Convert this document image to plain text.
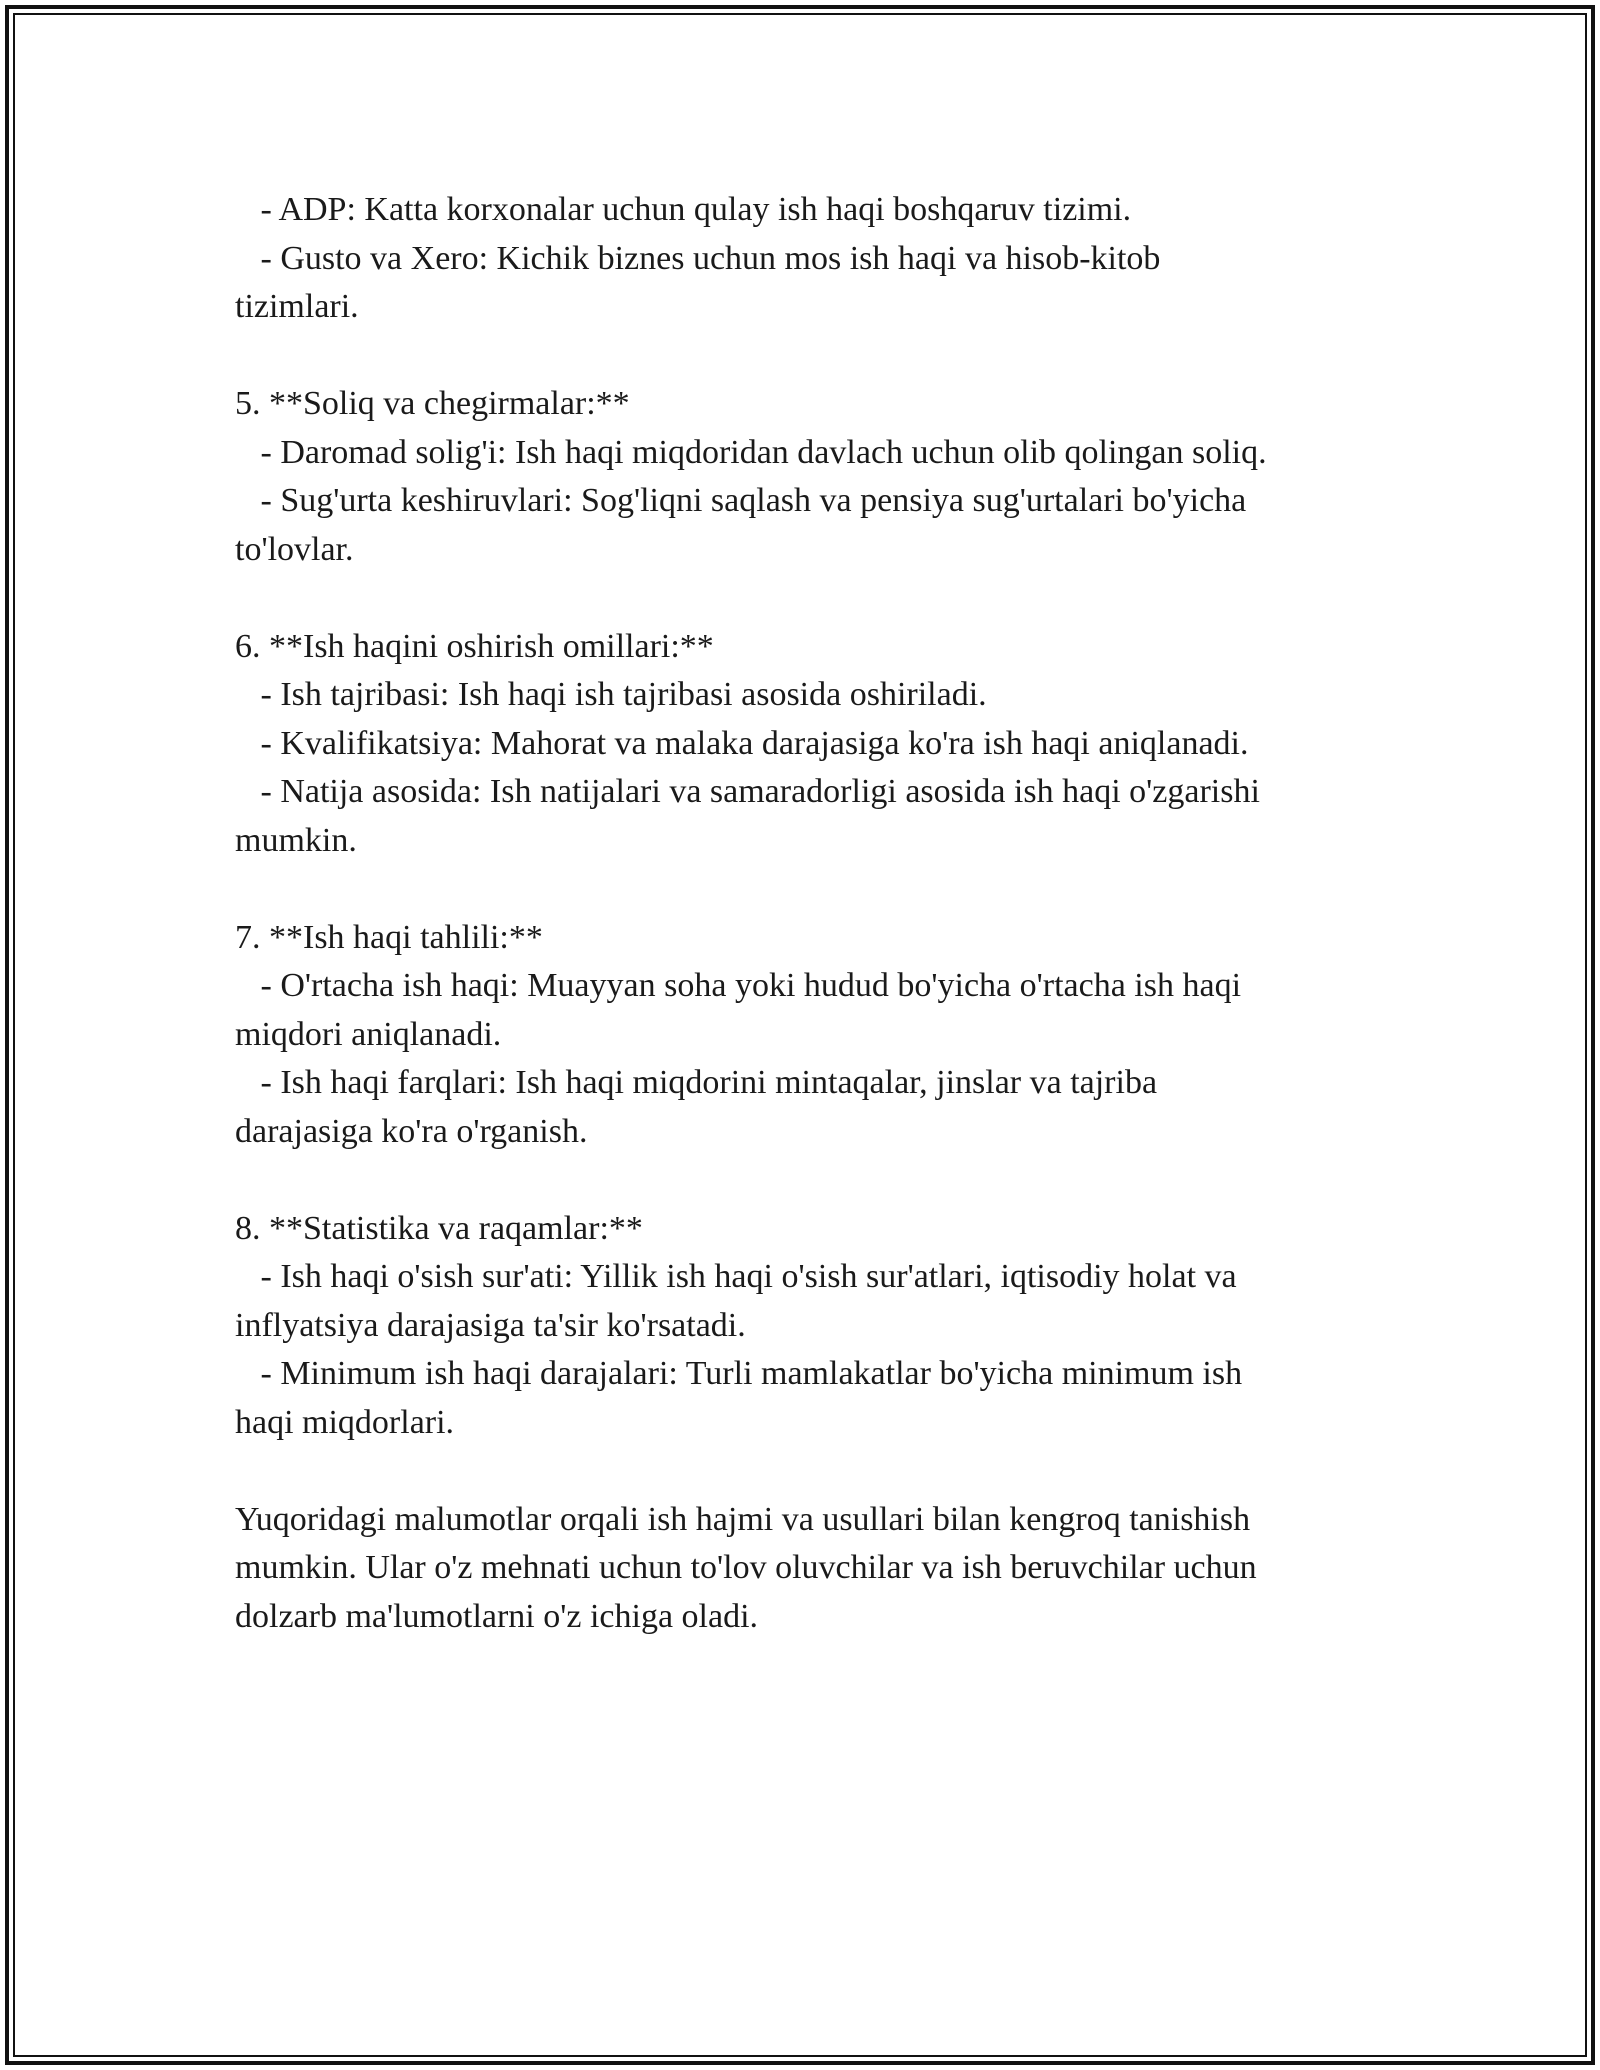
- ADP: Katta korxonalar uchun qulay ish haqi boshqaruv tizimi.

- Gusto va Xero: Kichik biznes uchun mos ish haqi va hisob-kitob

tizimlari.

5. **Soliq va chegirmalar:**

- Daromad solig'i: Ish haqi miqdoridan davlach uchun olib qolingan soliq.

- Sug'urta keshiruvlari: Sog'liqni saqlash va pensiya sug'urtalari bo'yicha

to'lovlar.

6. **Ish haqini oshirish omillari:**

- Ish tajribasi: Ish haqi ish tajribasi asosida oshiriladi.

- Kvalifikatsiya: Mahorat va malaka darajasiga ko'ra ish haqi aniqlanadi.

- Natija asosida: Ish natijalari va samaradorligi asosida ish haqi o'zgarishi

mumkin.

7. **Ish haqi tahlili:**

- O'rtacha ish haqi: Muayyan soha yoki hudud bo'yicha o'rtacha ish haqi

miqdori aniqlanadi.

- Ish haqi farqlari: Ish haqi miqdorini mintaqalar, jinslar va tajriba

darajasiga ko'ra o'rganish.

8. **Statistika va raqamlar:**

- Ish haqi o'sish sur'ati: Yillik ish haqi o'sish sur'atlari, iqtisodiy holat va

inflyatsiya darajasiga ta'sir ko'rsatadi.

- Minimum ish haqi darajalari: Turli mamlakatlar bo'yicha minimum ish

haqi miqdorlari.

Yuqoridagi malumotlar orqali ish hajmi va usullari bilan kengroq tanishish

mumkin. Ular o'z mehnati uchun to'lov oluvchilar va ish beruvchilar uchun

dolzarb ma'lumotlarni o'z ichiga oladi.
